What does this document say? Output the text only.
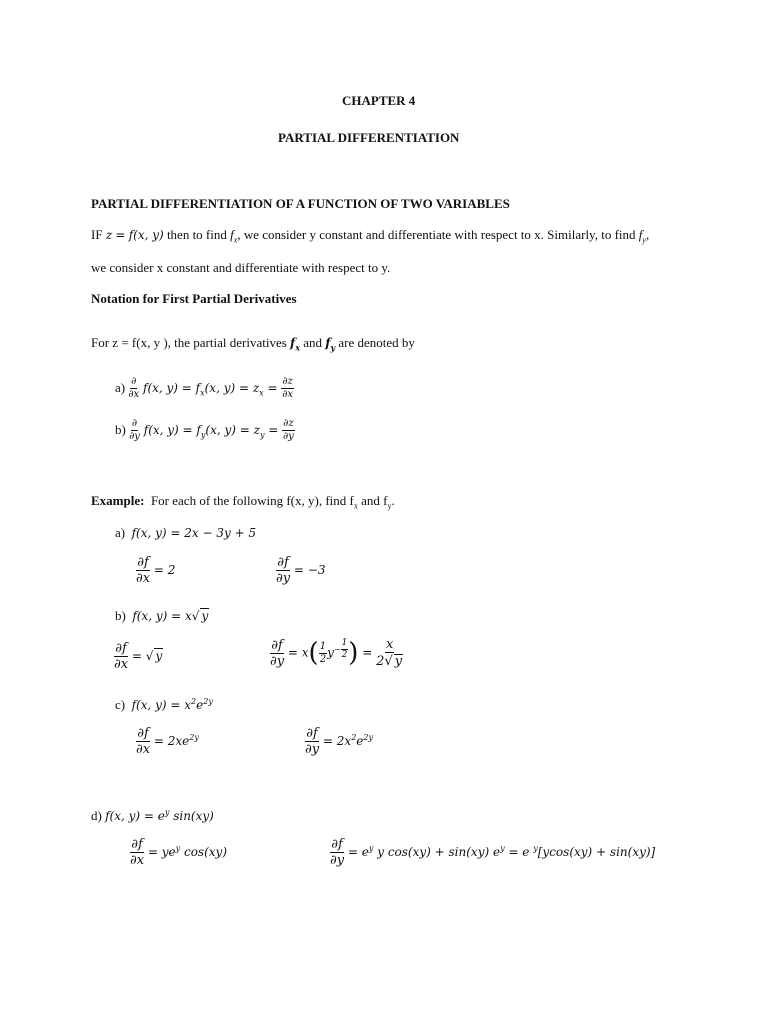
CHAPTER 4
PARTIAL DIFFERENTIATION
PARTIAL DIFFERENTIATION OF A FUNCTION OF TWO VARIABLES
IF z = f(x, y) then to find $f_x$, we consider y constant and differentiate with respect to x. Similarly, to find $f_y$,
we consider x constant and differentiate with respect to y.
Notation for First Partial Derivatives
For z = f(x, y ), the partial derivatives $f_x$ and $f_y$ are denoted by
$a) \frac{\partial}{\partial x} f(x$, $y) = f_x(x$, $y) = z_x = \frac{\partial z}{\partial x}$
$b) \frac{\partial}{\partial y} f(x$, $y) = f_y(x$, $y) = z_y = \frac{\partial z}{\partial y}$
Example: For each of the following f(x, y), find $f_x$ and $f_y$.
a) f(x, y) = 2x − 3y + 5
$\frac{\partial f}{\partial x} = 2$	$\frac{\partial f}{\partial y} = -3$
b) f(x, y) = x√ y
$\frac{\partial f}{\partial x}$ = √ y	$\frac{\partial f}{\partial y} = x( \frac{1}{2} y^{- \frac{1}{2}}$ ) = $\frac{x}{2√ y}$
c) f(x, $y) = x^2e^{2y}$
$\frac{\partial f}{\partial x} = 2xe^{2y}$	$\frac{\partial f}{\partial y} = 2x^2e^{2y}$
d) f(x, $y) = e^y$ sin(xy)
$\frac{\partial f}{\partial x} = ye^y$ cos(xy)	$\frac{\partial f}{\partial y} = e^y$ y cos(xy) + sin(xy) $e^y = e$ $^y$[ycos(xy) + sin(xy)]
